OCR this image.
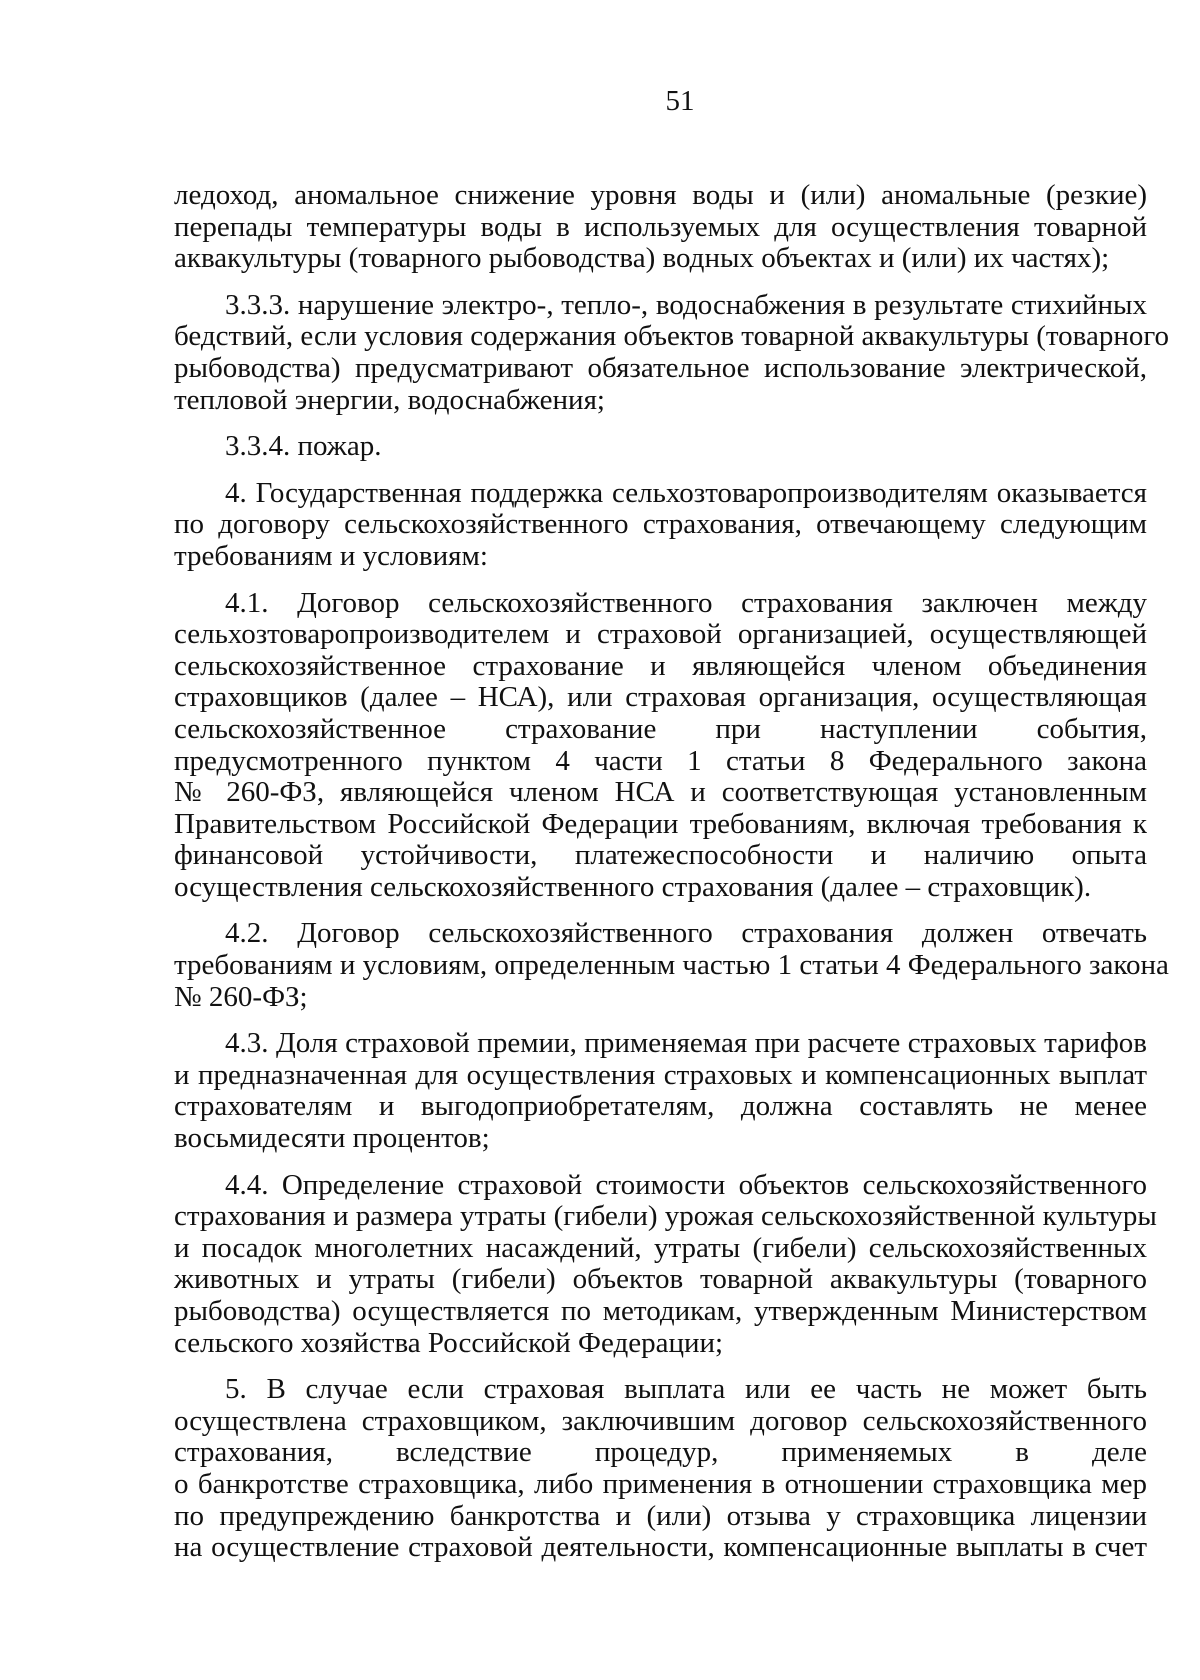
51
ледоход, аномальное снижение уровня воды и (или) аномальные (резкие)
перепады температуры воды в используемых для осуществления товарной
аквакультуры (товарного рыбоводства) водных объектах и (или) их частях);
3.3.3. нарушение электро-, тепло-, водоснабжения в результате стихийных
бедствий, если условия содержания объектов товарной аквакультуры (товарного
рыбоводства) предусматривают обязательное использование электрической,
тепловой энергии, водоснабжения;
3.3.4. пожар.
4. Государственная поддержка сельхозтоваропроизводителям оказывается
по договору сельскохозяйственного страхования, отвечающему следующим
требованиям и условиям:
4.1. Договор сельскохозяйственного страхования заключен между
сельхозтоваропроизводителем и страховой организацией, осуществляющей
сельскохозяйственное страхование и являющейся членом объединения
страховщиков (далее – НСА), или страховая организация, осуществляющая
сельскохозяйственное страхование при наступлении события,
предусмотренного пунктом 4 части 1 статьи 8 Федерального закона
№ 260-ФЗ, являющейся членом НСА и соответствующая установленным
Правительством Российской Федерации требованиям, включая требования к
финансовой устойчивости, платежеспособности и наличию опыта
осуществления сельскохозяйственного страхования (далее – страховщик).
4.2. Договор сельскохозяйственного страхования должен отвечать
требованиям и условиям, определенным частью 1 статьи 4 Федерального закона
№ 260-ФЗ;
4.3. Доля страховой премии, применяемая при расчете страховых тарифов
и предназначенная для осуществления страховых и компенсационных выплат
страхователям и выгодоприобретателям, должна составлять не менее
восьмидесяти процентов;
4.4. Определение страховой стоимости объектов сельскохозяйственного
страхования и размера утраты (гибели) урожая сельскохозяйственной культуры
и посадок многолетних насаждений, утраты (гибели) сельскохозяйственных
животных и утраты (гибели) объектов товарной аквакультуры (товарного
рыбоводства) осуществляется по методикам, утвержденным Министерством
сельского хозяйства Российской Федерации;
5. В случае если страховая выплата или ее часть не может быть
осуществлена страховщиком, заключившим договор сельскохозяйственного
страхования, вследствие процедур, применяемых в деле
о банкротстве страховщика, либо применения в отношении страховщика мер
по предупреждению банкротства и (или) отзыва у страховщика лицензии
на осуществление страховой деятельности, компенсационные выплаты в счет
